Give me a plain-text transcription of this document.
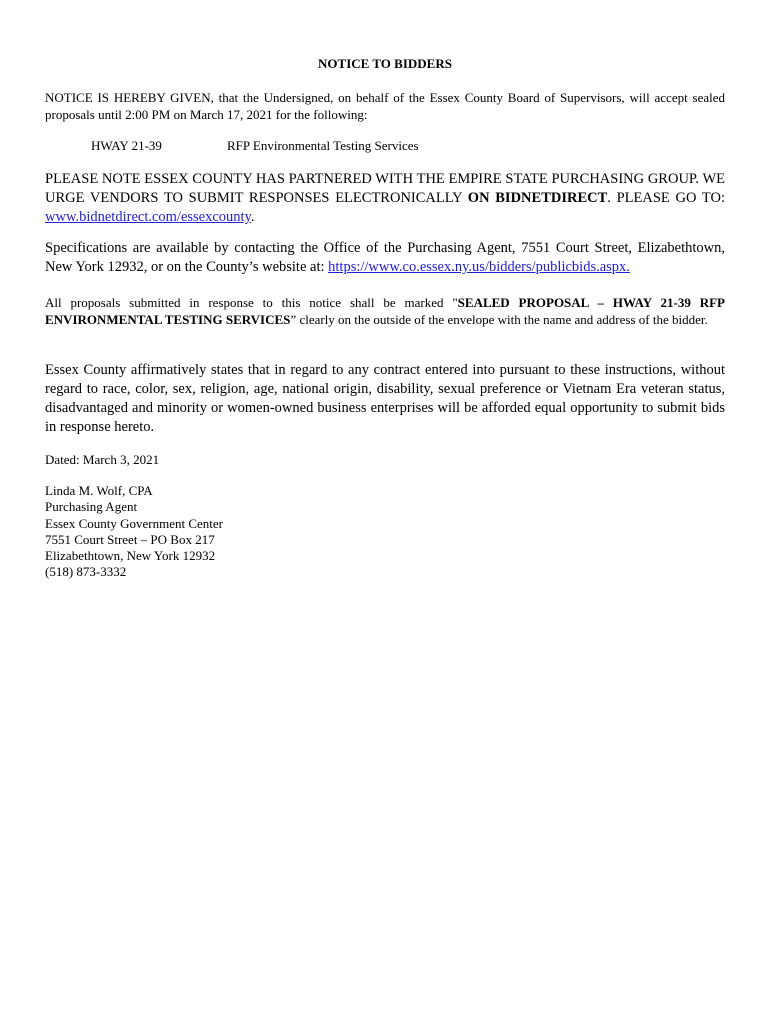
NOTICE TO BIDDERS

NOTICE IS HEREBY GIVEN, that the Undersigned, on behalf of the Essex County Board of Supervisors, will accept sealed proposals until 2:00 PM on March 17, 2021 for the following:

HWAY 21-39	RFP Environmental Testing Services

PLEASE NOTE ESSEX COUNTY HAS PARTNERED WITH THE EMPIRE STATE PURCHASING GROUP. WE URGE VENDORS TO SUBMIT RESPONSES ELECTRONICALLY ON BIDNETDIRECT. PLEASE GO TO: www.bidnetdirect.com/essexcounty.

Specifications are available by contacting the Office of the Purchasing Agent, 7551 Court Street, Elizabethtown, New York 12932, or on the County’s website at: https://www.co.essex.ny.us/bidders/publicbids.aspx.

All proposals submitted in response to this notice shall be marked "SEALED PROPOSAL – HWAY 21-39 RFP ENVIRONMENTAL TESTING SERVICES” clearly on the outside of the envelope with the name and address of the bidder.

Essex County affirmatively states that in regard to any contract entered into pursuant to these instructions, without regard to race, color, sex, religion, age, national origin, disability, sexual preference or Vietnam Era veteran status, disadvantaged and minority or women-owned business enterprises will be afforded equal opportunity to submit bids in response hereto.

Dated: March 3, 2021

Linda M. Wolf, CPA
Purchasing Agent
Essex County Government Center
7551 Court Street – PO Box 217
Elizabethtown, New York 12932
(518) 873-3332
